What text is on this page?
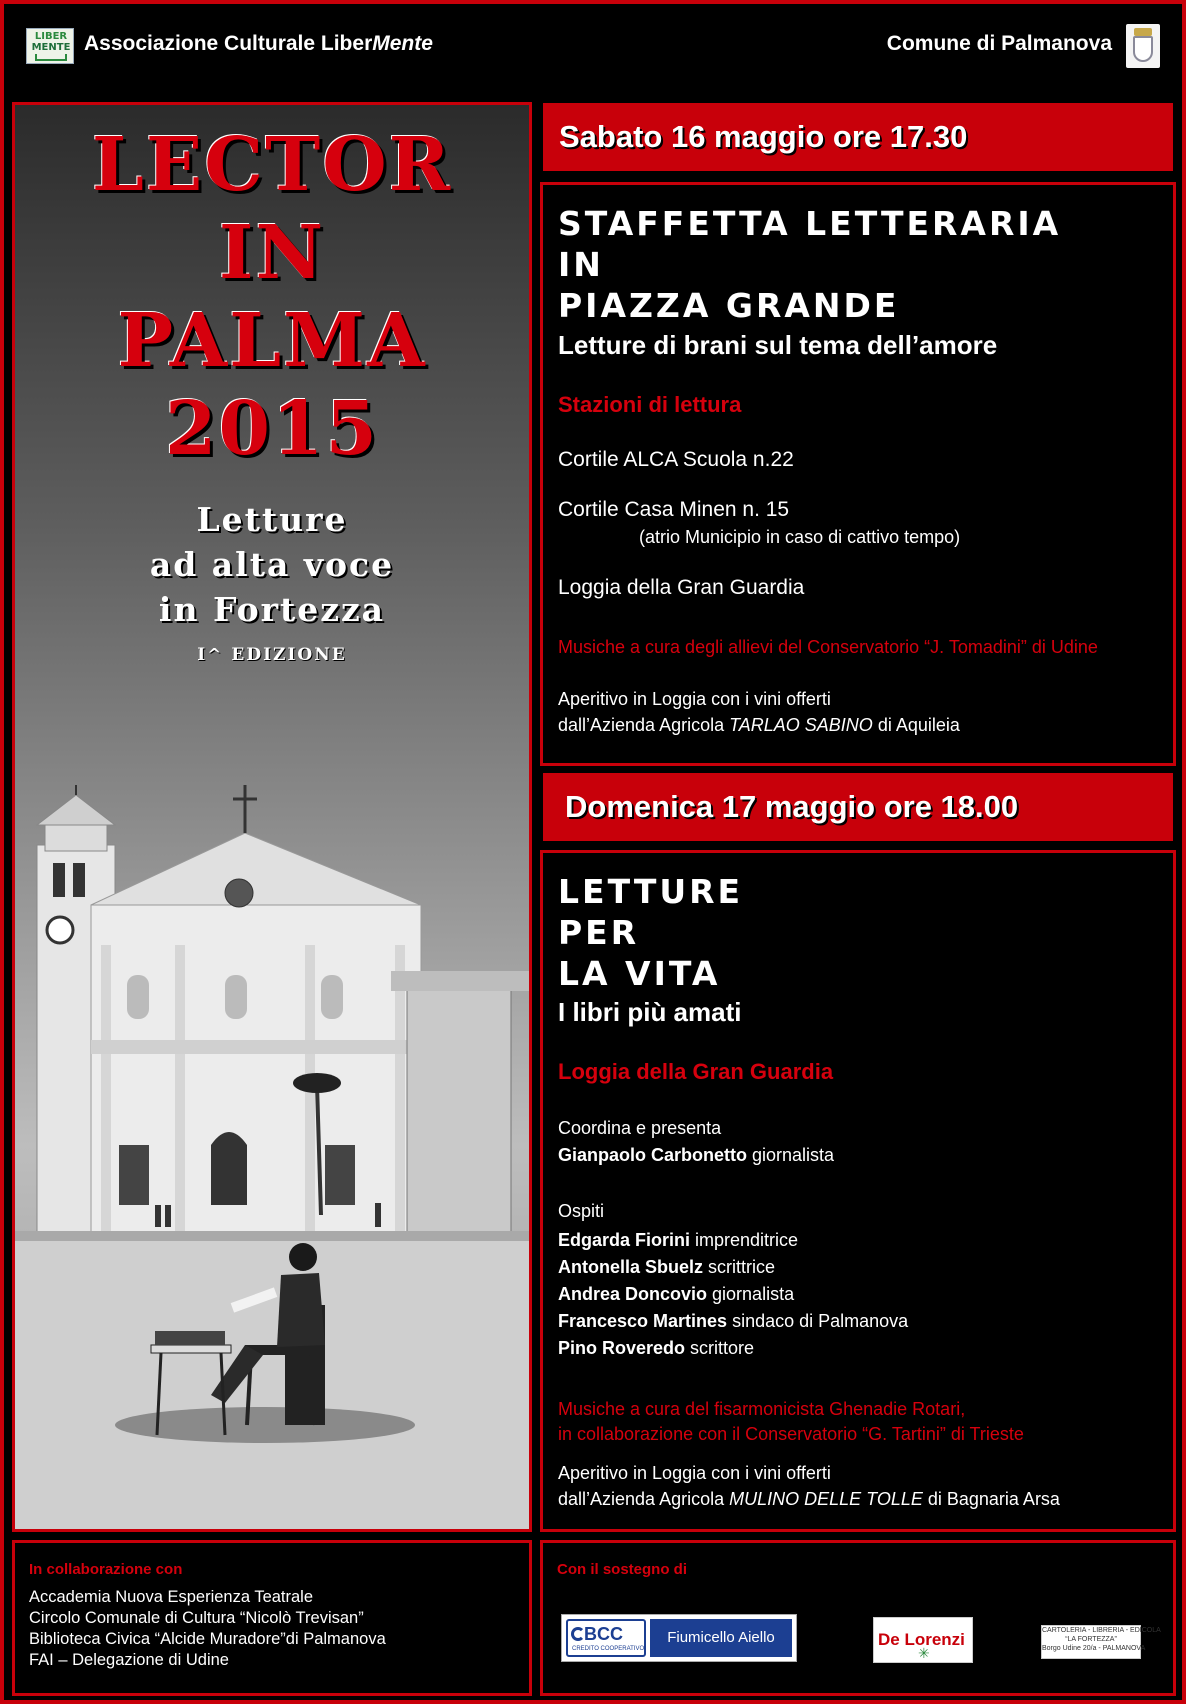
LIBER
MENTE Associazione Culturale LiberMente	Comune di Palmanova
LECTOR
IN
PALMA
2015
Letture
ad alta voce
in Fortezza
I^ EDIZIONE
Sabato 16 maggio ore 17.30
STAFFETTA LETTERARIA
IN
PIAZZA GRANDE
Letture di brani sul tema dell’amore
Stazioni di lettura
Cortile ALCA Scuola n.22
Cortile Casa Minen n. 15
(atrio Municipio in caso di cattivo tempo)
Loggia della Gran Guardia
Musiche a cura degli allievi del Conservatorio “J. Tomadini” di Udine
Aperitivo in Loggia con i vini offerti
dall’Azienda Agricola TARLAO SABINO di Aquileia
Domenica 17 maggio ore 18.00
LETTURE
PER
LA VITA
I libri più amati
Loggia della Gran Guardia
Coordina e presenta
Gianpaolo Carbonetto giornalista
Ospiti
Edgarda Fiorini imprenditrice
Antonella Sbuelz scrittrice
Andrea Doncovio giornalista
Francesco Martines sindaco di Palmanova
Pino Roveredo scrittore
Musiche a cura del fisarmonicista Ghenadie Rotari,
in collaborazione con il Conservatorio “G. Tartini” di Trieste
Aperitivo in Loggia con i vini offerti
dall’Azienda Agricola MULINO DELLE TOLLE di Bagnaria Arsa
In collaborazione con
Accademia Nuova Esperienza Teatrale
Circolo Comunale di Cultura “Nicolò Trevisan”
Biblioteca Civica “Alcide Muradore”di Palmanova
FAI – Delegazione di Udine
Con il sostegno di
BCC
CREDITO COOPERATIVO
Fiumicello Aiello	De Lorenzi
✳
CARTOLERIA - LIBRERIA - EDICOLA
“LA FORTEZZA”
Borgo Udine 20/a - PALMANOVA
